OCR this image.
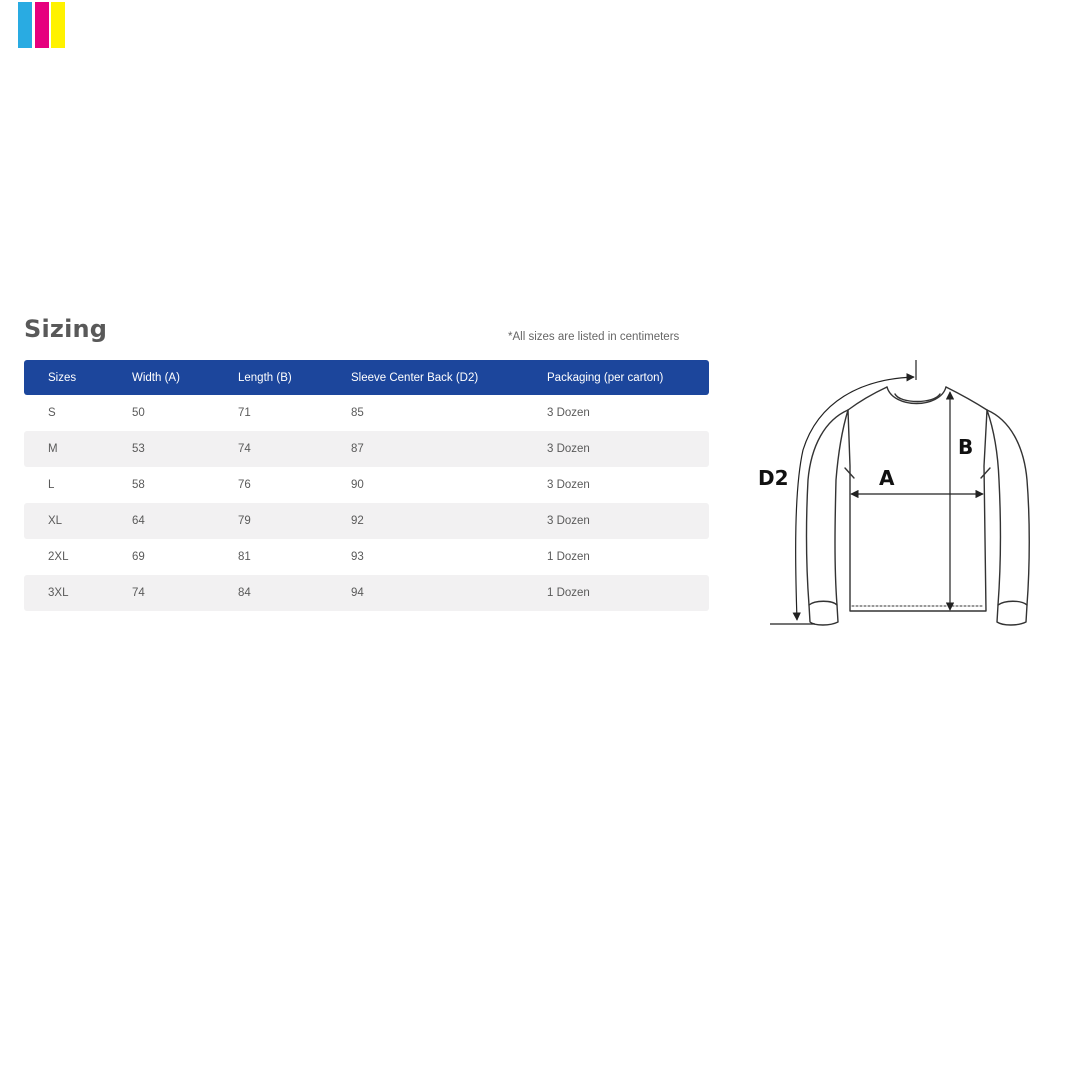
Sizing	*All sizes are listed in centimeters
Sizes	Width (A)	Length (B)	Sleeve Center Back (D2)	Packaging (per carton)
S	50	71	85	3 Dozen
M	53	74	87	3 Dozen
L	58	76	90	3 Dozen
XL	64	79	92	3 Dozen
2XL	69	81	93	1 Dozen
3XL	74	84	94	1 Dozen
D2	A
B
